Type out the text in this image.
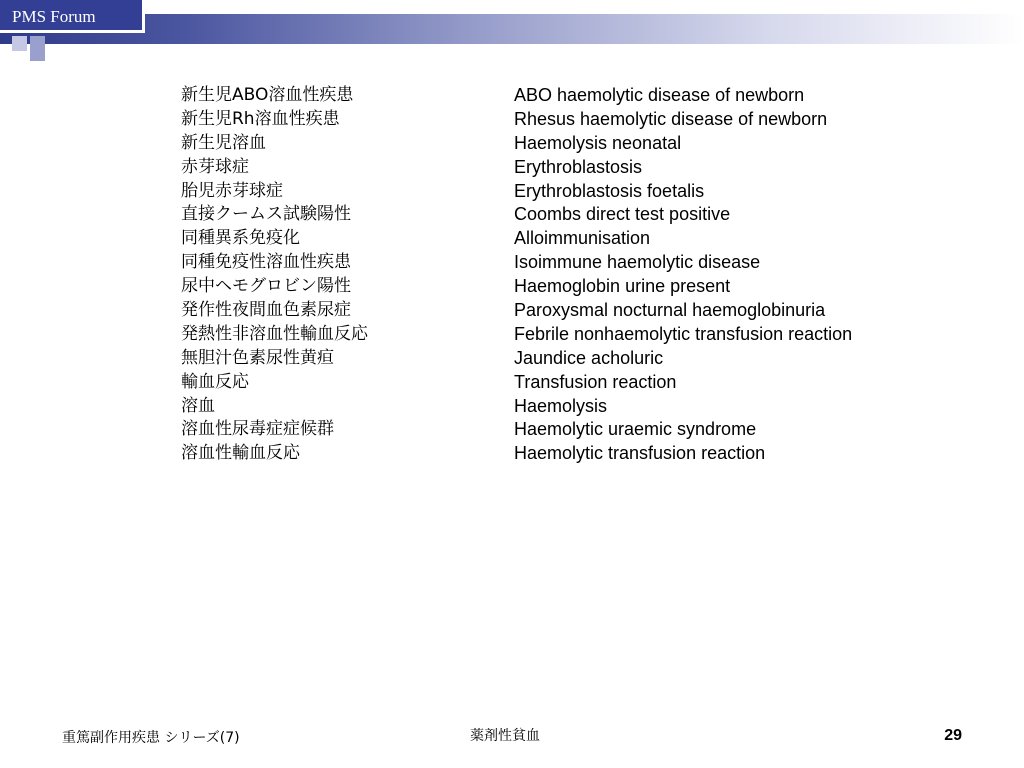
PMS Forum
新生児ABO溶血性疾患	ABO haemolytic disease of newborn
新生児Rh溶血性疾患	Rhesus haemolytic disease of newborn
新生児溶血	Haemolysis neonatal
赤芽球症	Erythroblastosis
胎児赤芽球症	Erythroblastosis foetalis
直接クームス試験陽性	Coombs direct test positive
同種異系免疫化	Alloimmunisation
同種免疫性溶血性疾患	Isoimmune haemolytic disease
尿中ヘモグロビン陽性	Haemoglobin urine present
発作性夜間血色素尿症	Paroxysmal nocturnal haemoglobinuria
発熱性非溶血性輸血反応	Febrile nonhaemolytic transfusion reaction
無胆汁色素尿性黄疸	Jaundice acholuric
輸血反応	Transfusion reaction
溶血	Haemolysis
溶血性尿毒症症候群	Haemolytic uraemic syndrome
溶血性輸血反応	Haemolytic transfusion reaction
重篤副作用疾患 シリーズ(7)	薬剤性貧血	29
